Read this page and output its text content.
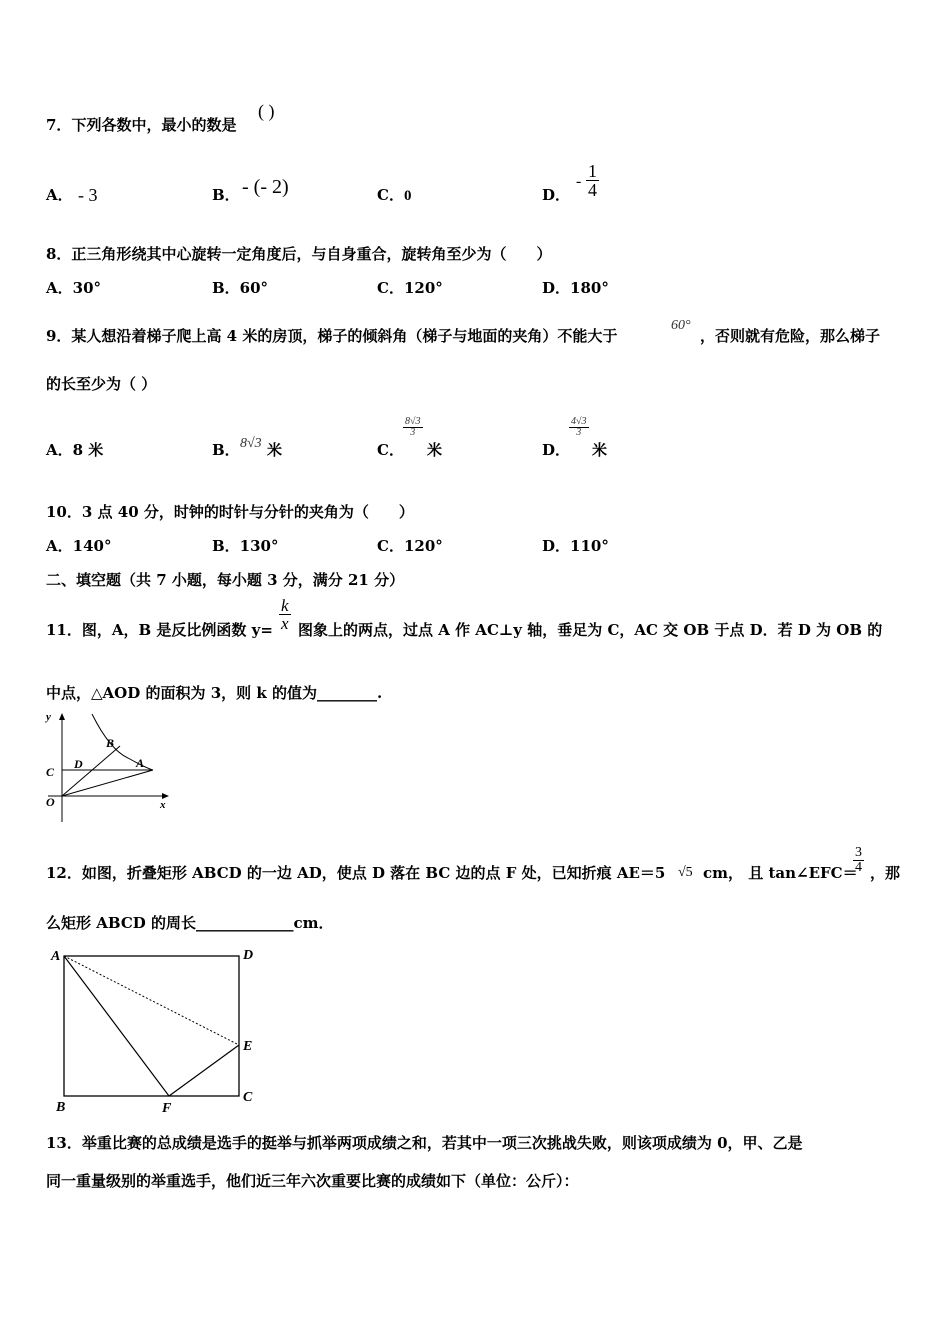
7．下列各数中，最小的数是
( )
A． - 3	B． - (- 2)	C．0	D．
- $\frac{1}{4}$
8．正三角形绕其中心旋转一定角度后，与自身重合，旋转角至少为（　　）
A．30°	B．60°	C．120°	D．180°
9．某人想沿着梯子爬上高 4 米的房顶，梯子的倾斜角（梯子与地面的夹角）不能大于
60°
，否则就有危险，那么梯子
的长至少为（ ）
A．8 米	B． 8√3 米	C．
$\frac{8√3}{3}$
米	D．
$\frac{4√3}{3}$
米
10．3 点 40 分，时钟的时针与分针的夹角为（　　）
A．140°	B．130°	C．120°	D．110°
二、填空题（共 7 小题，每小题 3 分，满分 21 分）
11．图，A，B 是反比例函数 $y= \frac{k}{x}$ 图象上的两点，过点 A 作 AC⊥y 轴，垂足为 C，AC 交 OB 于点 D．若 D 为 OB 的
中点，△AOD 的面积为 3，则 k 的值为________.
y
x
O
C
D
B
A
12．如图，折叠矩形 ABCD 的一边 AD，使点 D 落在 BC 边的点 F 处，已知折痕 AE＝5 √5 cm， 且 tan∠EFC＝
$\frac{3}{4}$ ，那
么矩形 ABCD 的周长_____________cm．
A	D
E
B	F
C
13．举重比赛的总成绩是选手的挺举与抓举两项成绩之和，若其中一项三次挑战失败，则该项成绩为 0，甲、乙是
同一重量级别的举重选手，他们近三年六次重要比赛的成绩如下（单位：公斤）：
